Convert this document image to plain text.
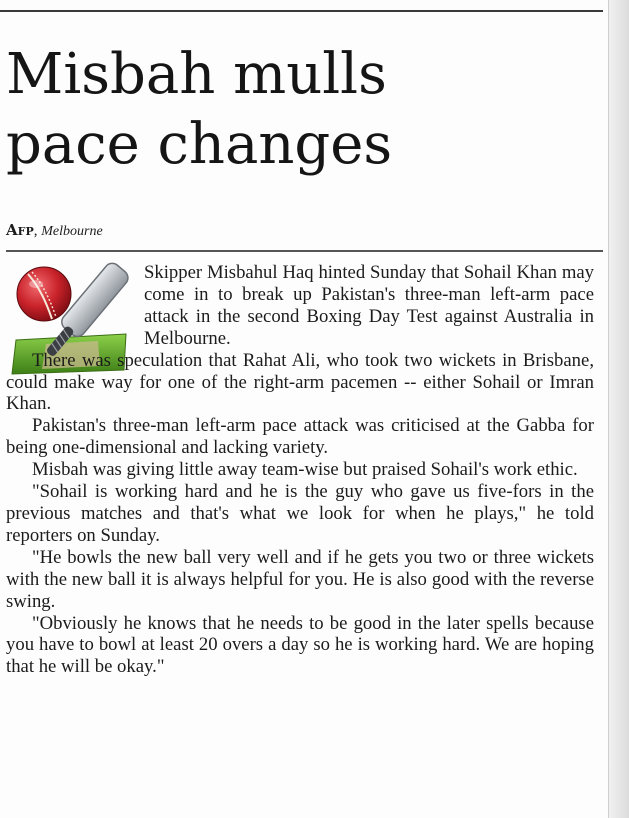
Misbah mulls
pace changes
Afp, Melbourne

Skipper Misbahul Haq hinted Sunday that Sohail Khan may come in to break up Pakistan's three-man left-arm pace attack in the second Boxing Day Test against Australia in Melbourne.

There was speculation that Rahat Ali, who took two wickets in Brisbane, could make way for one of the right-arm pacemen -- either Sohail or Imran Khan.

Pakistan's three-man left-arm pace attack was criticised at the Gabba for being one-dimensional and lacking variety.

Misbah was giving little away team-wise but praised Sohail's work ethic.

"Sohail is working hard and he is the guy who gave us five-fors in the previous matches and that's what we look for when he plays," he told reporters on Sunday.

"He bowls the new ball very well and if he gets you two or three wickets with the new ball it is always helpful for you. He is also good with the reverse swing.

"Obviously he knows that he needs to be good in the later spells because you have to bowl at least 20 overs a day so he is working hard. We are hoping that he will be okay."
